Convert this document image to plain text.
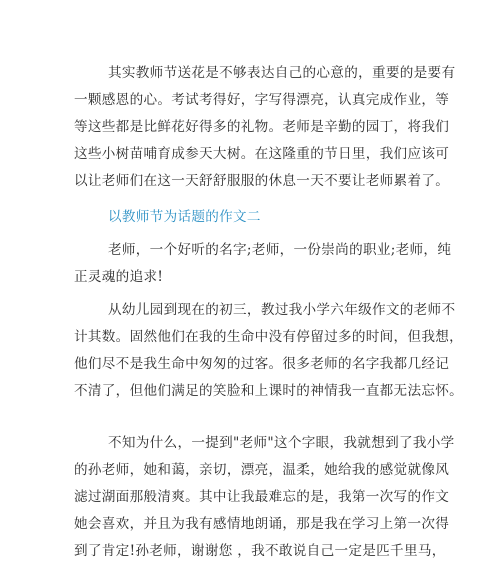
其实教师节送花是不够表达自己的心意的，重要的是要有
一颗感恩的心。考试考得好，字写得漂亮，认真完成作业，等
等这些都是比鲜花好得多的礼物。老师是辛勤的园丁，将我们
这些小树苗哺育成参天大树。在这隆重的节日里，我们应该可
以让老师们在这一天舒舒服服的休息一天不要让老师累着了。

以教师节为话题的作文二

老师，一个好听的名字;老师，一份崇尚的职业;老师，纯
正灵魂的追求!

从幼儿园到现在的初三，教过我小学六年级作文的老师不
计其数。固然他们在我的生命中没有停留过多的时间，但我想，
他们尽不是我生命中匆匆的过客。很多老师的名字我都几经记
不清了，但他们满足的笑脸和上课时的神情我一直都无法忘怀。

不知为什么，一提到"老师"这个字眼，我就想到了我小学
的孙老师，她和蔼，亲切，漂亮，温柔，她给我的感觉就像风
滤过湖面那般清爽。其中让我最难忘的是，我第一次写的作文
她会喜欢，并且为我有感情地朗诵，那是我在学习上第一次得
到了肯定!孙老师，谢谢您 ，我不敢说自己一定是匹千里马，
